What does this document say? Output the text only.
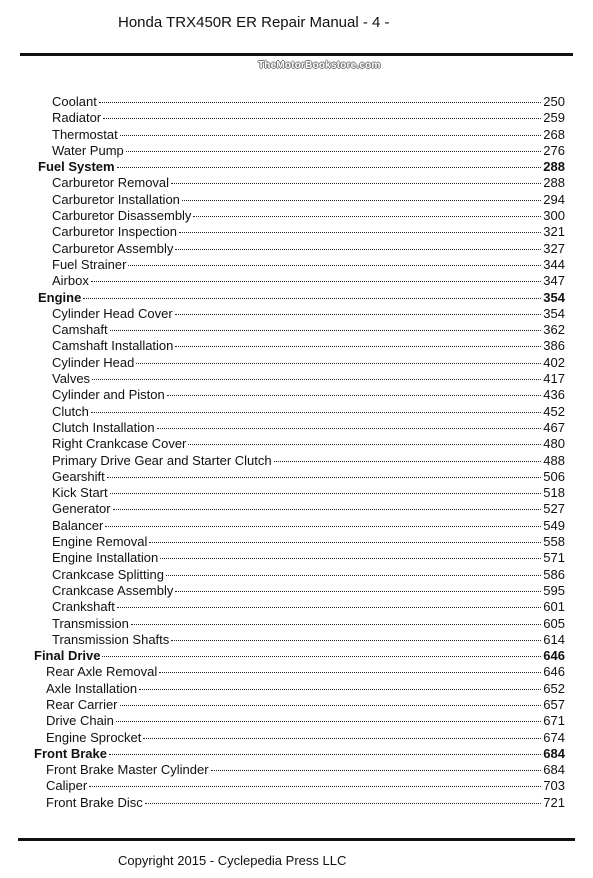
Honda TRX450R ER Repair Manual - 4 -
TheMotorBookstore.com
Coolant	250
Radiator	259
Thermostat	268
Water Pump	276
Fuel System	288
Carburetor Removal	288
Carburetor Installation	294
Carburetor Disassembly	300
Carburetor Inspection	321
Carburetor Assembly	327
Fuel Strainer	344
Airbox	347
Engine	354
Cylinder Head Cover	354
Camshaft	362
Camshaft Installation	386
Cylinder Head	402
Valves	417
Cylinder and Piston	436
Clutch	452
Clutch Installation	467
Right Crankcase Cover	480
Primary Drive Gear and Starter Clutch	488
Gearshift	506
Kick Start	518
Generator	527
Balancer	549
Engine Removal	558
Engine Installation	571
Crankcase Splitting	586
Crankcase Assembly	595
Crankshaft	601
Transmission	605
Transmission Shafts	614
Final Drive	646
Rear Axle Removal	646
Axle Installation	652
Rear Carrier	657
Drive Chain	671
Engine Sprocket	674
Front Brake	684
Front Brake Master Cylinder	684
Caliper	703
Front Brake Disc	721
Copyright 2015 - Cyclepedia Press LLC
